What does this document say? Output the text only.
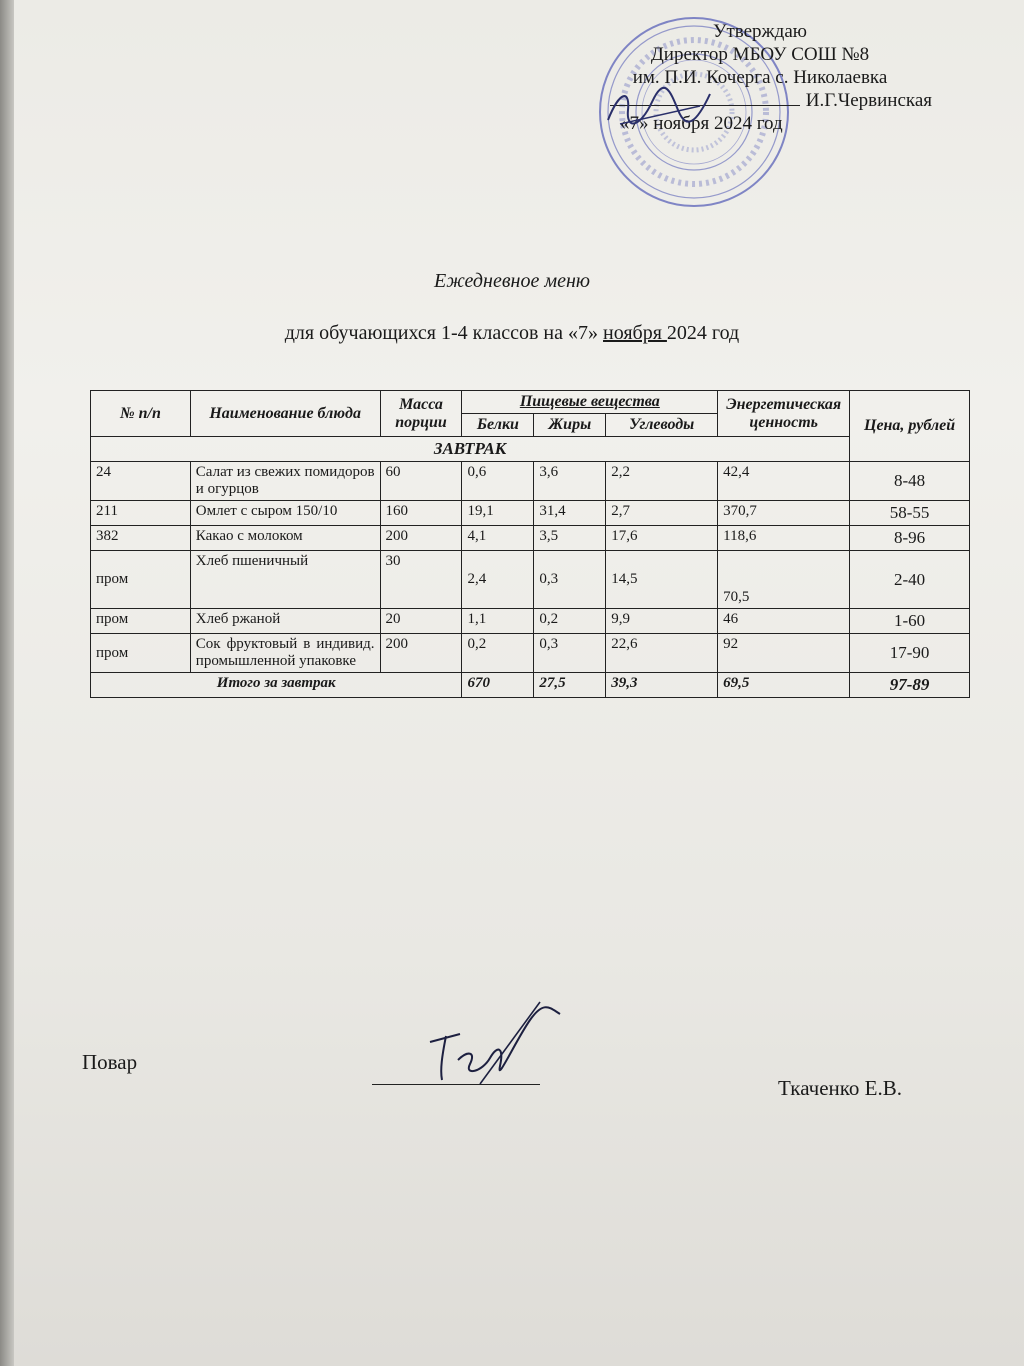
Утверждаю
Директор МБОУ СОШ №8
им. П.И. Кочерга с. Николаевка
И.Г.Червинская
«7» ноября 2024 год
Ежедневное меню
для обучающихся 1-4 классов на «7» ноября 2024 год
№ п/п	Наименование блюда	Масса порции	Пищевые вещества			Энергетическая ценность	Цена, рублей
			Белки	Жиры	Углеводы		
ЗАВТРАК							
24	Салат из свежих помидоров и огурцов	60	0,6	3,6	2,2	42,4	8-48
211	Омлет с сыром 150/10	160	19,1	31,4	2,7	370,7	58-55
382	Какао с молоком	200	4,1	3,5	17,6	118,6	8-96
пром	Хлеб пшеничный	30	2,4	0,3	14,5	70,5	2-40
пром	Хлеб ржаной	20	1,1	0,2	9,9	46	1-60
пром	Сок фруктовый в индивид. промышленной упаковке	200	0,2	0,3	22,6	92	17-90
Итого за завтрак			670	27,5	39,3	69,5	97-89
Повар
Ткаченко Е.В.
